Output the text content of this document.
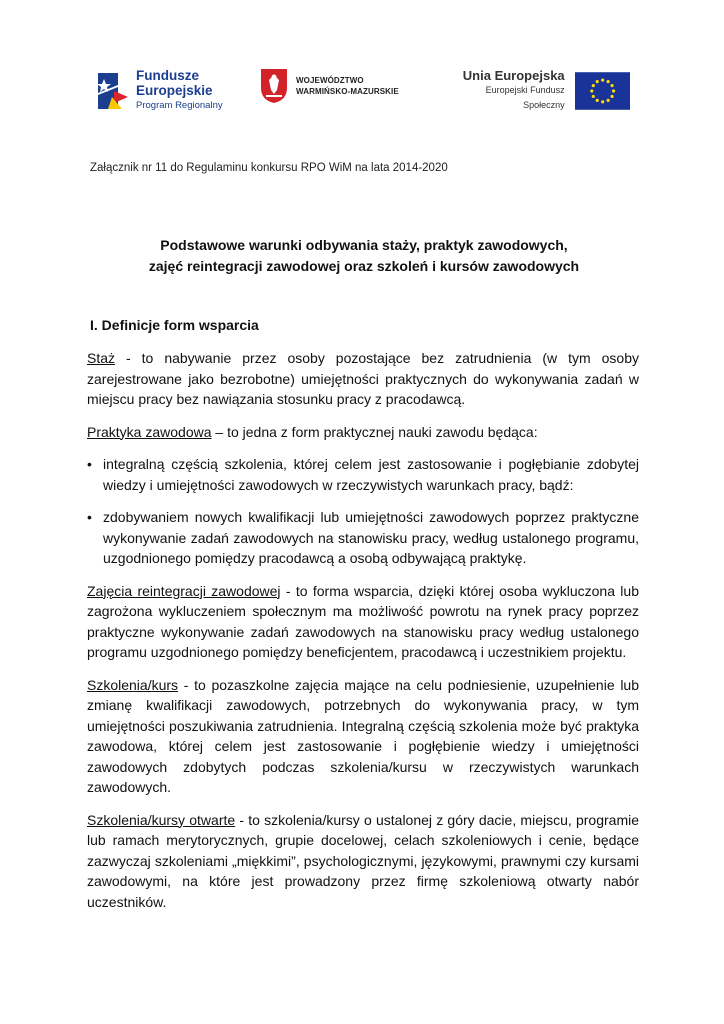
Fundusze
Europejskie
Program Regionalny
WOJEWÓDZTWO
WARMIŃSKO-MAZURSKIE
Unia Europejska
Europejski Fundusz Społeczny
Załącznik nr 11 do Regulaminu konkursu RPO WiM na lata 2014-2020
Podstawowe warunki odbywania staży, praktyk zawodowych,
zajęć reintegracji zawodowej oraz szkoleń i kursów zawodowych
I. Definicje form wsparcia

Staż - to nabywanie przez osoby pozostające bez zatrudnienia (w tym osoby zarejestrowane jako bezrobotne) umiejętności praktycznych do wykonywania zadań w miejscu pracy bez nawiązania stosunku pracy z pracodawcą.

Praktyka zawodowa – to jedna z form praktycznej nauki zawodu będąca:

• integralną częścią szkolenia, której celem jest zastosowanie i pogłębianie zdobytej wiedzy i umiejętności zawodowych w rzeczywistych warunkach pracy, bądź:
• zdobywaniem nowych kwalifikacji lub umiejętności zawodowych poprzez praktyczne wykonywanie zadań zawodowych na stanowisku pracy, według ustalonego programu, uzgodnionego pomiędzy pracodawcą a osobą odbywającą praktykę.

Zajęcia reintegracji zawodowej - to forma wsparcia, dzięki której osoba wykluczona lub zagrożona wykluczeniem społecznym ma możliwość powrotu na rynek pracy poprzez praktyczne wykonywanie zadań zawodowych na stanowisku pracy według ustalonego programu uzgodnionego pomiędzy beneficjentem, pracodawcą i uczestnikiem projektu.

Szkolenia/kurs - to pozaszkolne zajęcia mające na celu podniesienie, uzupełnienie lub zmianę kwalifikacji zawodowych, potrzebnych do wykonywania pracy, w tym umiejętności poszukiwania zatrudnienia. Integralną częścią szkolenia może być praktyka zawodowa, której celem jest zastosowanie i pogłębienie wiedzy i umiejętności zawodowych zdobytych podczas szkolenia/kursu w rzeczywistych warunkach zawodowych.

Szkolenia/kursy otwarte - to szkolenia/kursy o ustalonej z góry dacie, miejscu, programie lub ramach merytorycznych, grupie docelowej, celach szkoleniowych i cenie, będące zazwyczaj szkoleniami „miękkimi”, psychologicznymi, językowymi, prawnymi czy kursami zawodowymi, na które jest prowadzony przez firmę szkoleniową otwarty nabór uczestników.
